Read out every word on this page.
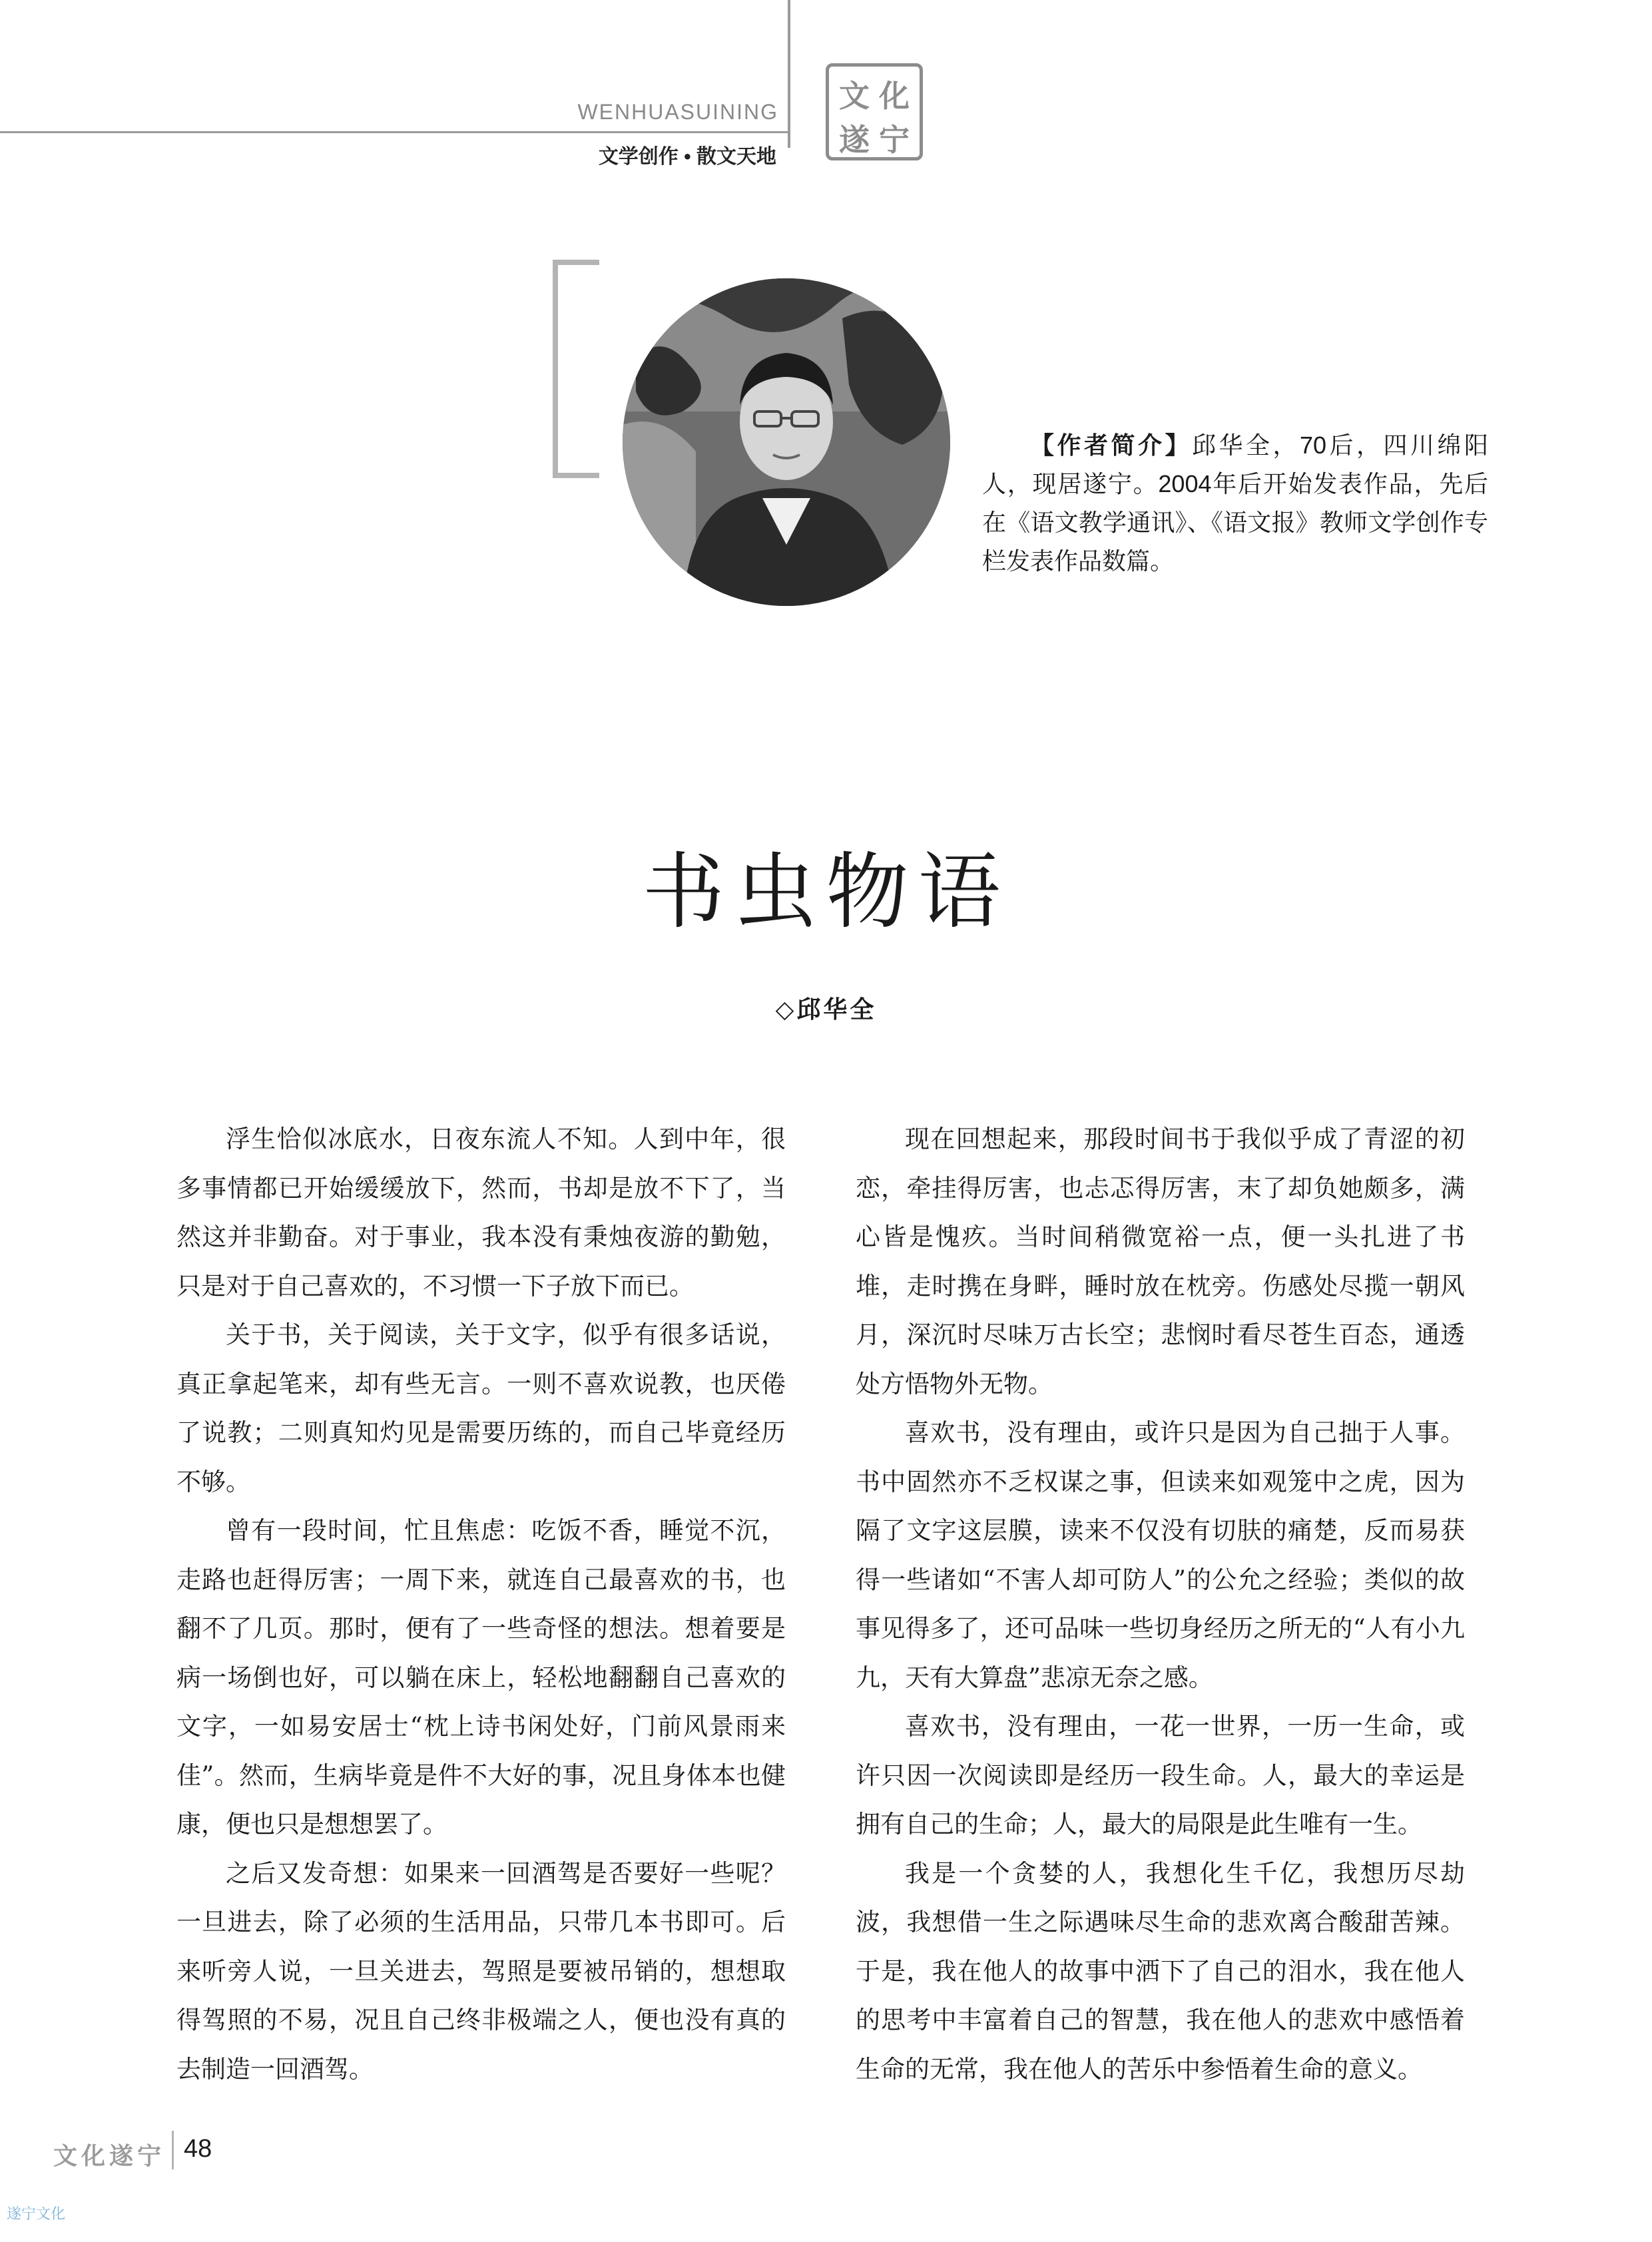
WENHUASUINING
文学创作 • 散文天地
文 化
遂 宁
【作者简介】邱华全，70后，四川绵阳人，现居遂宁。2004年后开始发表作品，先后在《语文教学通讯》、《语文报》教师文学创作专栏发表作品数篇。
书虫物语
◇邱华全

浮生恰似冰底水，日夜东流人不知。人到中年，很多事情都已开始缓缓放下，然而，书却是放不下了，当然这并非勤奋。对于事业，我本没有秉烛夜游的勤勉，只是对于自己喜欢的，不习惯一下子放下而已。

关于书，关于阅读，关于文字，似乎有很多话说，真正拿起笔来，却有些无言。一则不喜欢说教，也厌倦了说教；二则真知灼见是需要历练的，而自己毕竟经历不够。

曾有一段时间，忙且焦虑：吃饭不香，睡觉不沉，走路也赶得厉害；一周下来，就连自己最喜欢的书，也翻不了几页。那时，便有了一些奇怪的想法。想着要是病一场倒也好，可以躺在床上，轻松地翻翻自己喜欢的文字，一如易安居士“枕上诗书闲处好，门前风景雨来佳”。然而，生病毕竟是件不大好的事，况且身体本也健康，便也只是想想罢了。

之后又发奇想：如果来一回酒驾是否要好一些呢？一旦进去，除了必须的生活用品，只带几本书即可。后来听旁人说，一旦关进去，驾照是要被吊销的，想想取得驾照的不易，况且自己终非极端之人，便也没有真的去制造一回酒驾。

现在回想起来，那段时间书于我似乎成了青涩的初恋，牵挂得厉害，也忐忑得厉害，末了却负她颇多，满心皆是愧疚。当时间稍微宽裕一点，便一头扎进了书堆，走时携在身畔，睡时放在枕旁。伤感处尽揽一朝风月，深沉时尽味万古长空；悲悯时看尽苍生百态，通透处方悟物外无物。

喜欢书，没有理由，或许只是因为自己拙于人事。书中固然亦不乏权谋之事，但读来如观笼中之虎，因为隔了文字这层膜，读来不仅没有切肤的痛楚，反而易获得一些诸如“不害人却可防人”的公允之经验；类似的故事见得多了，还可品味一些切身经历之所无的“人有小九九，天有大算盘”悲凉无奈之感。

喜欢书，没有理由，一花一世界，一历一生命，或许只因一次阅读即是经历一段生命。人，最大的幸运是拥有自己的生命；人，最大的局限是此生唯有一生。

我是一个贪婪的人，我想化生千亿，我想历尽劫波，我想借一生之际遇味尽生命的悲欢离合酸甜苦辣。于是，我在他人的故事中洒下了自己的泪水，我在他人的思考中丰富着自己的智慧，我在他人的悲欢中感悟着生命的无常，我在他人的苦乐中参悟着生命的意义。

文化遂宁 48
遂宁文化
